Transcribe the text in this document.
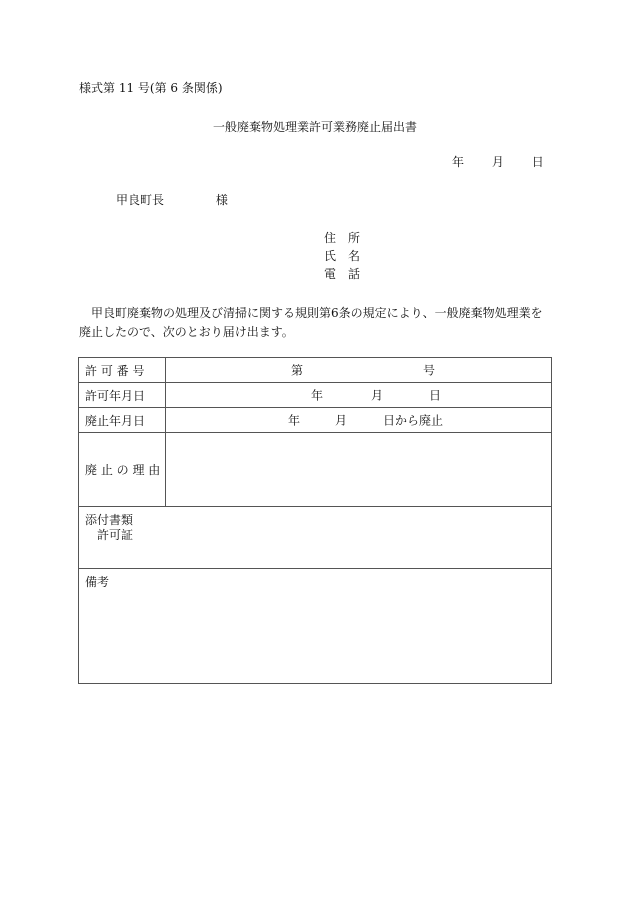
様式第 11 号(第 6 条関係)
一般廃棄物処理業許可業務廃止届出書
年 月 日
甲良町長	様
住　所
氏　名
電　話
甲良町廃棄物の処理及び清掃に関する規則第6条の規定により、一般廃棄物処理業を廃止したので、次のとおり届け出ます。
許 可 番 号	第 号

許可年月日	年 月 日

廃止年月日	年 月 日から廃止

廃 止 の 理 由	
添付書類
許可証	

備考	
